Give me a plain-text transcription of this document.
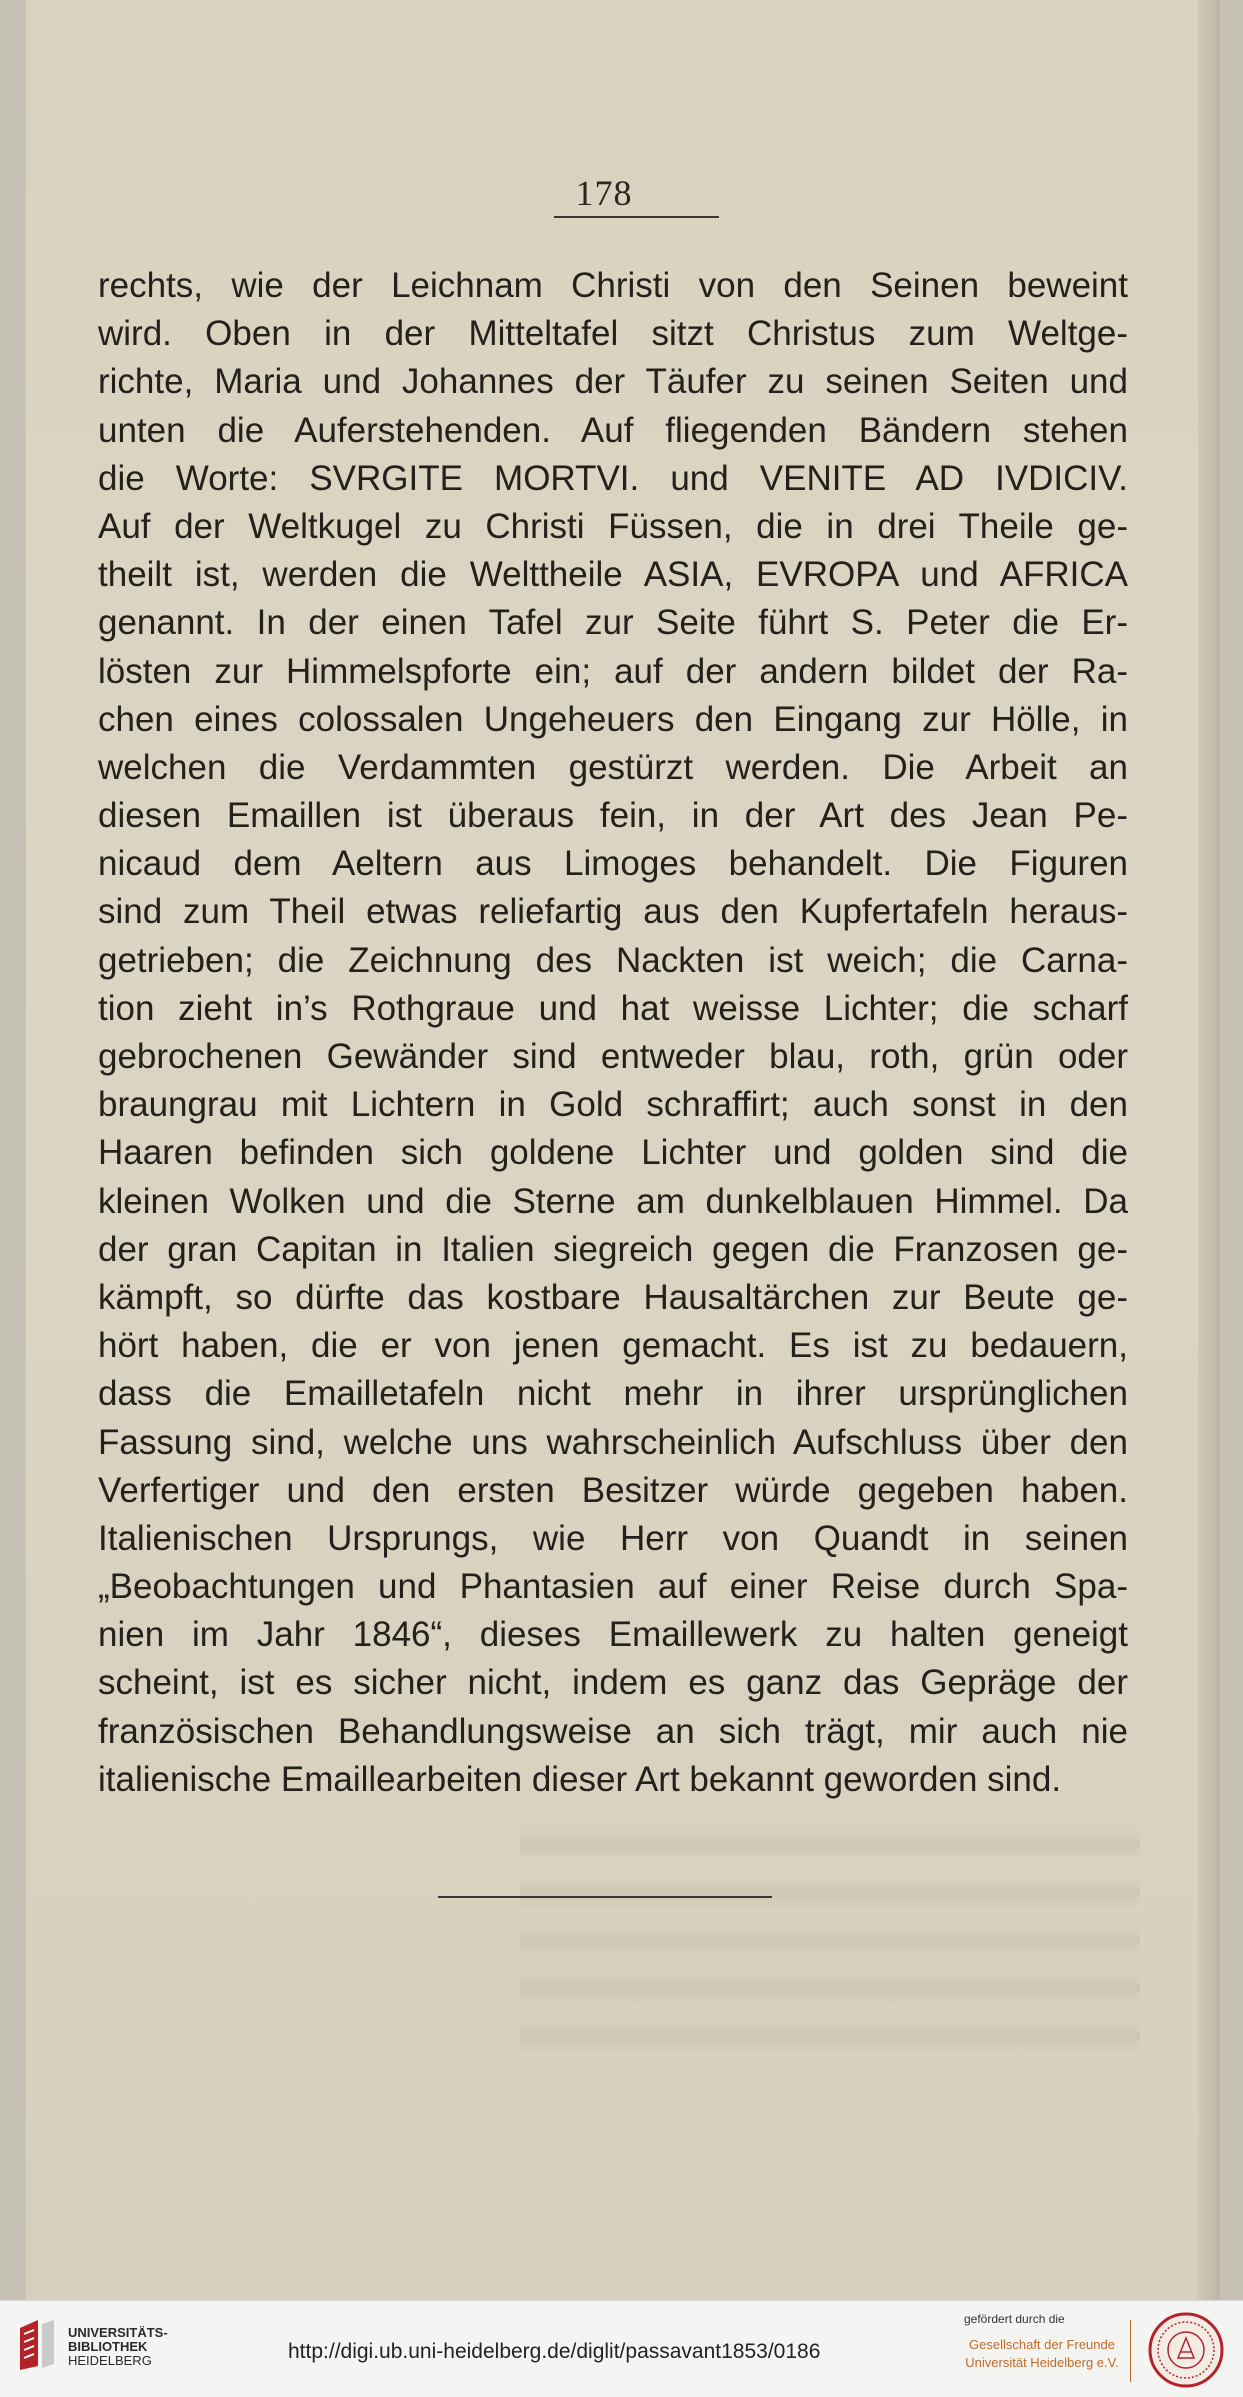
178
rechts, wie der Leichnam Christi von den Seinen beweint
wird. Oben in der Mitteltafel sitzt Christus zum Weltge-
richte, Maria und Johannes der Täufer zu seinen Seiten und
unten die Auferstehenden. Auf fliegenden Bändern stehen
die Worte: SVRGITE MORTVI. und VENITE AD IVDICIV.
Auf der Weltkugel zu Christi Füssen, die in drei Theile ge-
theilt ist, werden die Welttheile ASIA, EVROPA und AFRICA
genannt. In der einen Tafel zur Seite führt S. Peter die Er-
lösten zur Himmelspforte ein; auf der andern bildet der Ra-
chen eines colossalen Ungeheuers den Eingang zur Hölle, in
welchen die Verdammten gestürzt werden. Die Arbeit an
diesen Emaillen ist überaus fein, in der Art des Jean Pe-
nicaud dem Aeltern aus Limoges behandelt. Die Figuren
sind zum Theil etwas reliefartig aus den Kupfertafeln heraus-
getrieben; die Zeichnung des Nackten ist weich; die Carna-
tion zieht in’s Rothgraue und hat weisse Lichter; die scharf
gebrochenen Gewänder sind entweder blau, roth, grün oder
braungrau mit Lichtern in Gold schraffirt; auch sonst in den
Haaren befinden sich goldene Lichter und golden sind die
kleinen Wolken und die Sterne am dunkelblauen Himmel. Da
der gran Capitan in Italien siegreich gegen die Franzosen ge-
kämpft, so dürfte das kostbare Hausaltärchen zur Beute ge-
hört haben, die er von jenen gemacht. Es ist zu bedauern,
dass die Emailletafeln nicht mehr in ihrer ursprünglichen
Fassung sind, welche uns wahrscheinlich Aufschluss über den
Verfertiger und den ersten Besitzer würde gegeben haben.
Italienischen Ursprungs, wie Herr von Quandt in seinen
„Beobachtungen und Phantasien auf einer Reise durch Spa-
nien im Jahr 1846“, dieses Emaillewerk zu halten geneigt
scheint, ist es sicher nicht, indem es ganz das Gepräge der
französischen Behandlungsweise an sich trägt, mir auch nie
italienische Emaillearbeiten dieser Art bekannt geworden sind.
UNIVERSITÄTS-
BIBLIOTHEK
HEIDELBERG	http://digi.ub.uni-heidelberg.de/diglit/passavant1853/0186
gefördert durch die
Gesellschaft der Freunde
Universität Heidelberg e.V.
